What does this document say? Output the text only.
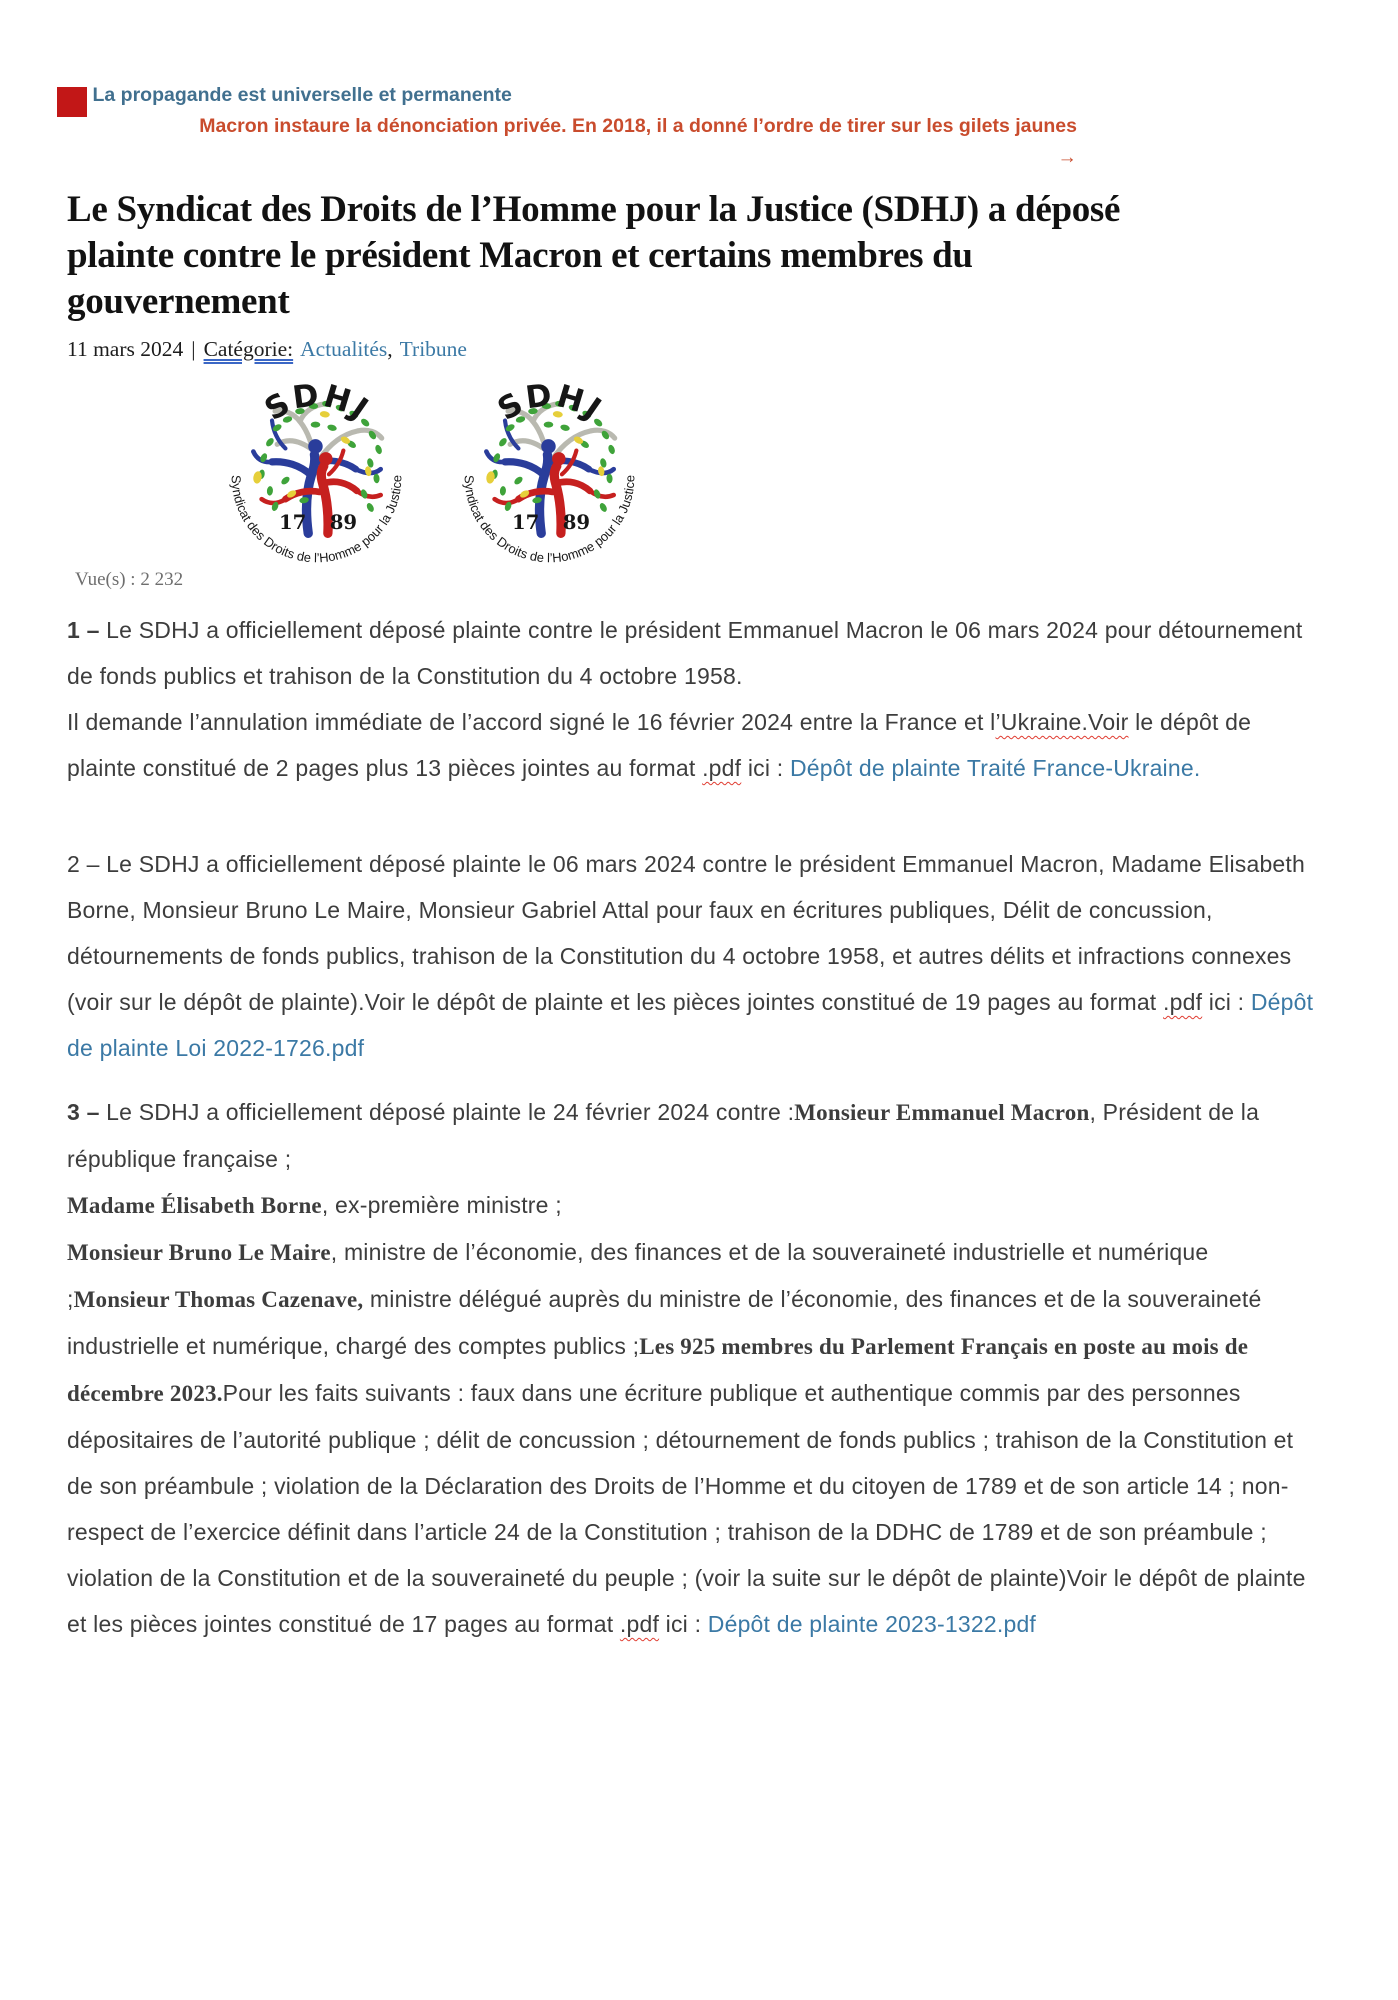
La propagande est universelle et permanente
Macron instaure la dénonciation privée. En 2018, il a donné l’ordre de tirer sur les gilets jaunes
→
Le Syndicat des Droits de l’Homme pour la Justice (SDHJ) a déposé plainte contre le président Macron et certains membres du gouvernement
11 mars 2024 | Catégorie: Actualités, Tribune
Vue(s) : 2 232

1 – Le SDHJ a officiellement déposé plainte contre le président Emmanuel Macron le 06 mars 2024 pour détournement de fonds publics et trahison de la Constitution du 4 octobre 1958.
Il demande l’annulation immédiate de l’accord signé le 16 février 2024 entre la France et l’Ukraine.Voir le dépôt de plainte constitué de 2 pages plus 13 pièces jointes au format .pdf ici : Dépôt de plainte Traité France-Ukraine.

2 – Le SDHJ a officiellement déposé plainte le 06 mars 2024 contre le président Emmanuel Macron, Madame Elisabeth Borne, Monsieur Bruno Le Maire, Monsieur Gabriel Attal pour faux en écritures publiques, Délit de concussion, détournements de fonds publics, trahison de la Constitution du 4 octobre 1958, et autres délits et infractions connexes (voir sur le dépôt de plainte).Voir le dépôt de plainte et les pièces jointes constitué de 19 pages au format .pdf ici : Dépôt de plainte Loi 2022-1726.pdf

3 – Le SDHJ a officiellement déposé plainte le 24 février 2024 contre :Monsieur Emmanuel Macron, Président de la république française ;
Madame Élisabeth Borne, ex-première ministre ;
Monsieur Bruno Le Maire, ministre de l’économie, des finances et de la souveraineté industrielle et numérique ;Monsieur Thomas Cazenave, ministre délégué auprès du ministre de l’économie, des finances et de la souveraineté industrielle et numérique, chargé des comptes publics ;Les 925 membres du Parlement Français en poste au mois de décembre 2023.Pour les faits suivants : faux dans une écriture publique et authentique commis par des personnes dépositaires de l’autorité publique ; délit de concussion ; détournement de fonds publics ; trahison de la Constitution et de son préambule ; violation de la Déclaration des Droits de l’Homme et du citoyen de 1789 et de son article 14 ; non-respect de l’exercice définit dans l’article 24 de la Constitution ; trahison de la DDHC de 1789 et de son préambule ; violation de la Constitution et de la souveraineté du peuple ; (voir la suite sur le dépôt de plainte)Voir le dépôt de plainte et les pièces jointes constitué de 17 pages au format .pdf ici : Dépôt de plainte 2023-1322.pdf
